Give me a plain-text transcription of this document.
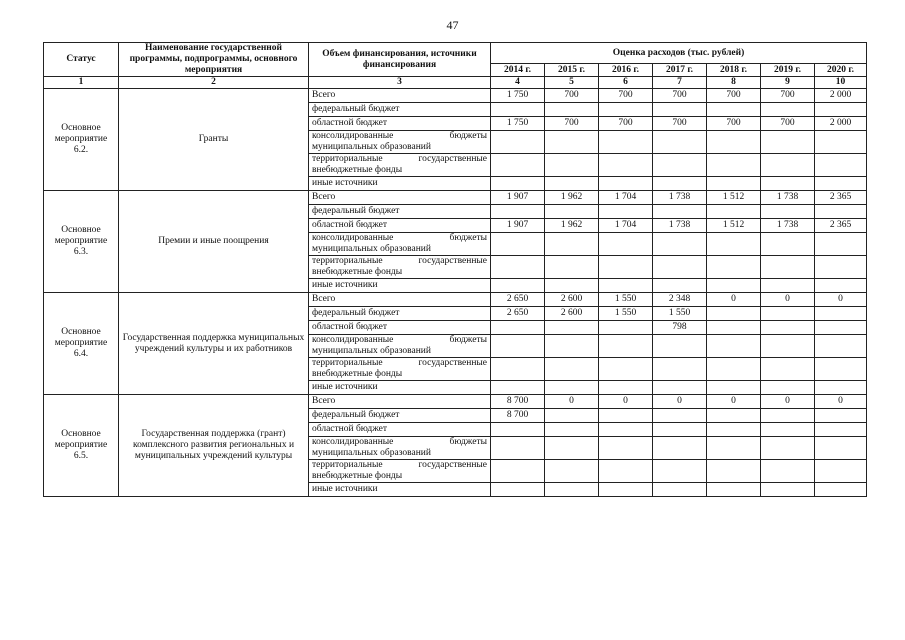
47
Статус	Наименование государственной программы, подпрограммы, основного мероприятия	Объем финансирования, источники финансирования	Оценка расходов (тыс. рублей)						
			2014 г.	2015 г.	2016 г.	2017 г.	2018 г.	2019 г.	2020 г.
1	2	3	4	5	6	7	8	9	10
Основное мероприятие 6.2.	Гранты	Всего	1 750	700	700	700	700	700	2 000
		федеральный бюджет							
		областной бюджет	1 750	700	700	700	700	700	2 000
		консолидированные бюджеты муниципальных образований							
		территориальные государственные внебюджетные фонды							
		иные источники							
Основное мероприятие 6.3.	Премии и иные поощрения	Всего	1 907	1 962	1 704	1 738	1 512	1 738	2 365
		федеральный бюджет							
		областной бюджет	1 907	1 962	1 704	1 738	1 512	1 738	2 365
		консолидированные бюджеты муниципальных образований							
		территориальные государственные внебюджетные фонды							
		иные источники							
Основное мероприятие 6.4.	Государственная поддержка муниципальных учреждений культуры и их работников	Всего	2 650	2 600	1 550	2 348	0	0	0
		федеральный бюджет	2 650	2 600	1 550	1 550			
		областной бюджет				798			
		консолидированные бюджеты муниципальных образований							
		территориальные государственные внебюджетные фонды							
		иные источники							
Основное мероприятие 6.5.	Государственная поддержка (грант) комплексного развития региональных и муниципальных учреждений культуры	Всего	8 700	0	0	0	0	0	0
		федеральный бюджет	8 700						
		областной бюджет							
		консолидированные бюджеты муниципальных образований							
		территориальные государственные внебюджетные фонды							
		иные источники							
